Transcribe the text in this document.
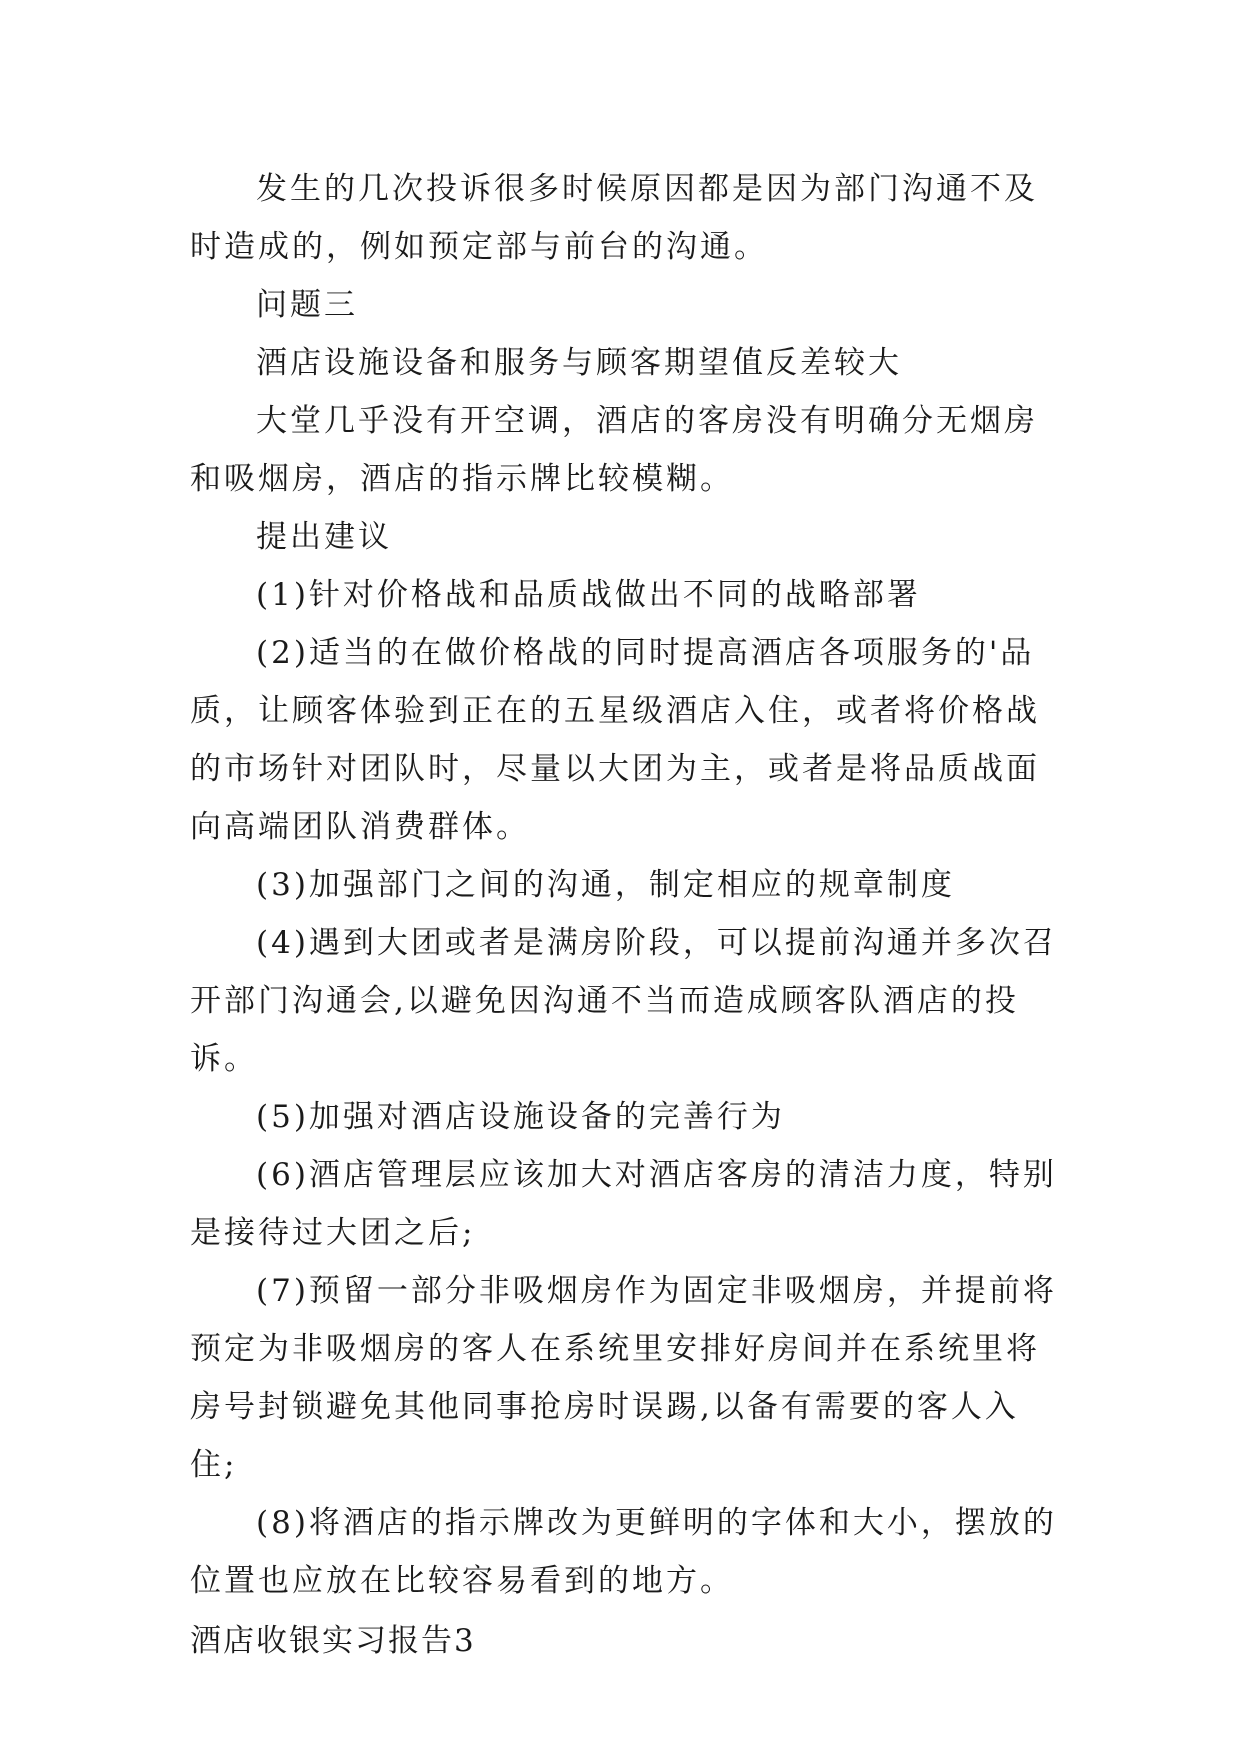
发生的几次投诉很多时候原因都是因为部门沟通不及时造成的，例如预定部与前台的沟通。

问题三

酒店设施设备和服务与顾客期望值反差较大

大堂几乎没有开空调，酒店的客房没有明确分无烟房和吸烟房，酒店的指示牌比较模糊。

提出建议

(1)针对价格战和品质战做出不同的战略部署

(2)适当的在做价格战的同时提高酒店各项服务的'品质，让顾客体验到正在的五星级酒店入住，或者将价格战的市场针对团队时，尽量以大团为主，或者是将品质战面向高端团队消费群体。

(3)加强部门之间的沟通，制定相应的规章制度

(4)遇到大团或者是满房阶段，可以提前沟通并多次召开部门沟通会,以避免因沟通不当而造成顾客队酒店的投诉。

(5)加强对酒店设施设备的完善行为

(6)酒店管理层应该加大对酒店客房的清洁力度，特别是接待过大团之后;

(7)预留一部分非吸烟房作为固定非吸烟房，并提前将预定为非吸烟房的客人在系统里安排好房间并在系统里将房号封锁避免其他同事抢房时误踢,以备有需要的客人入住;

(8)将酒店的指示牌改为更鲜明的字体和大小，摆放的位置也应放在比较容易看到的地方。

酒店收银实习报告3
